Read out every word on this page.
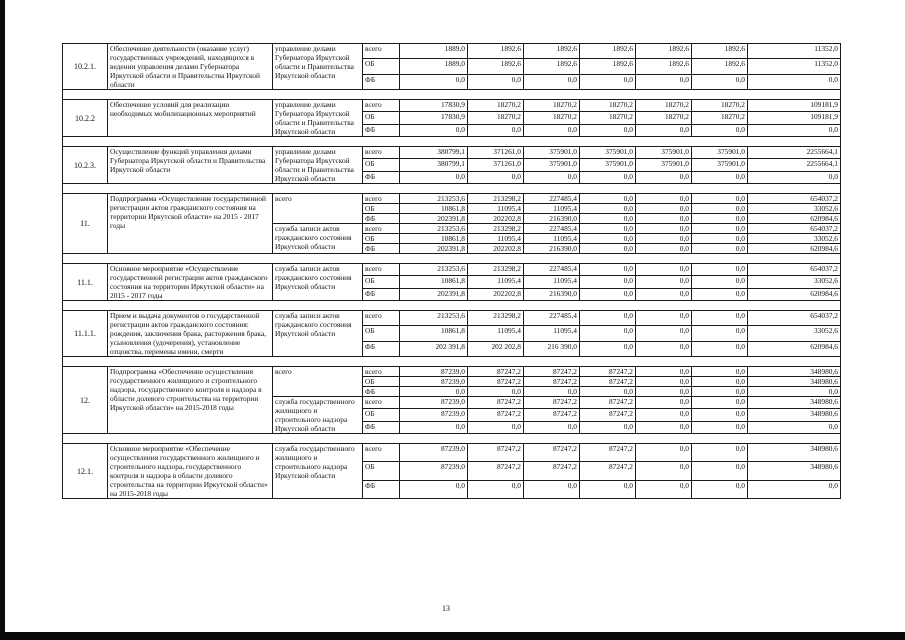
10.2.1.	Обеспечение деятельности (оказание услуг) государственных учреждений, находящихся в ведении управления делами Губернатора Иркутской области и Правительства Иркутской области	управление делами Губернатора Иркутской области и Правительства Иркутской области	всего	1889,0	1892,6	1892,6	1892,6	1892,6	1892,6	11352,0
			ОБ	1889,0	1892,6	1892,6	1892,6	1892,6	1892,6	11352,0
			ФБ	0,0	0,0	0,0	0,0	0,0	0,0	0,0

10.2.2	Обеспечение условий для реализации необходимых мобилизационных мероприятий	управление делами Губернатора Иркутской области и Правительства Иркутской области	всего	17830,9	18270,2	18270,2	18270,2	18270,2	18270,2	109181,9
			ОБ	17830,9	18270,2	18270,2	18270,2	18270,2	18270,2	109181,9
			ФБ	0,0	0,0	0,0	0,0	0,0	0,0	0,0

10.2.3.	Осуществление функций управления делами Губернатора Иркутской области и Правительства Иркутской области	управление делами Губернатора Иркутской области и Правительства Иркутской области	всего	380799,1	371261,0	375901,0	375901,0	375901,0	375901,0	2255664,1
			ОБ	380799,1	371261,0	375901,0	375901,0	375901,0	375901,0	2255664,1
			ФБ	0,0	0,0	0,0	0,0	0,0	0,0	0,0

11.	Подпрограмма «Осуществление государственной регистрации актов гражданского состояния на территории Иркутской области» на 2015 - 2017 годы	всего	всего	213253,6	213298,2	227485,4	0,0	0,0	0,0	654037,2
			ОБ	10861,8	11095,4	11095,4	0,0	0,0	0,0	33052,6
			ФБ	202391,8	202202,8	216390,0	0,0	0,0	0,0	620984,6
		служба записи актов гражданского состояния Иркутской области	всего	213253,6	213298,2	227485,4	0,0	0,0	0,0	654037,2
			ОБ	10861,8	11095,4	11095,4	0,0	0,0	0,0	33052,6
			ФБ	202391,8	202202,8	216390,0	0,0	0,0	0,0	620984,6

11.1.	Основное мероприятие «Осуществление государственной регистрации актов гражданского состояния на территории Иркутской области» на 2015 - 2017 годы	служба записи актов гражданского состояния Иркутской области	всего	213253,6	213298,2	227485,4	0,0	0,0	0,0	654037,2
			ОБ	10861,8	11095,4	11095,4	0,0	0,0	0,0	33052,6
			ФБ	202391,8	202202,8	216390,0	0,0	0,0	0,0	620984,6

11.1.1.	Прием и выдача документов о государственной регистрации актов гражданского состояния: рождения, заключения брака, расторжения брака, усыновления (удочерения), установление отцовства, перемены имени, смерти	служба записи актов гражданского состояния Иркутской области	всего	213253,6	213298,2	227485,4	0,0	0,0	0,0	654037,2
			ОБ	10861,8	11095,4	11095,4	0,0	0,0	0,0	33052,6
			ФБ	202 391,8	202 202,8	216 390,0	0,0	0,0	0,0	620984,6

12.	Подпрограмма «Обеспечение осуществления государственного жилищного и строительного надзора, государственного контроля и надзора в области долевого строительства на территории Иркутской области» на 2015-2018 годы	всего	всего	87239,0	87247,2	87247,2	87247,2	0,0	0,0	348980,6
			ОБ	87239,0	87247,2	87247,2	87247,2	0,0	0,0	348980,6
			ФБ	0,0	0,0	0,0	0,0	0,0	0,0	0,0
		служба государственного жилищного и строительного надзора Иркутской области	всего	87239,0	87247,2	87247,2	87247,2	0,0	0,0	348980,6
			ОБ	87239,0	87247,2	87247,2	87247,2	0,0	0,0	348980,6
			ФБ	0,0	0,0	0,0	0,0	0,0	0,0	0,0

12.1.	Основное мероприятие «Обеспечение осуществления государственного жилищного и строительного надзора, государственного контроля и надзора в области долевого строительства на территории Иркутской области» на 2015-2018 годы	служба государственного жилищного и строительного надзора Иркутской области	всего	87239,0	87247,2	87247,2	87247,2	0,0	0,0	348980,6
			ОБ	87239,0	87247,2	87247,2	87247,2	0,0	0,0	348980,6
			ФБ	0,0	0,0	0,0	0,0	0,0	0,0	0,0
13
